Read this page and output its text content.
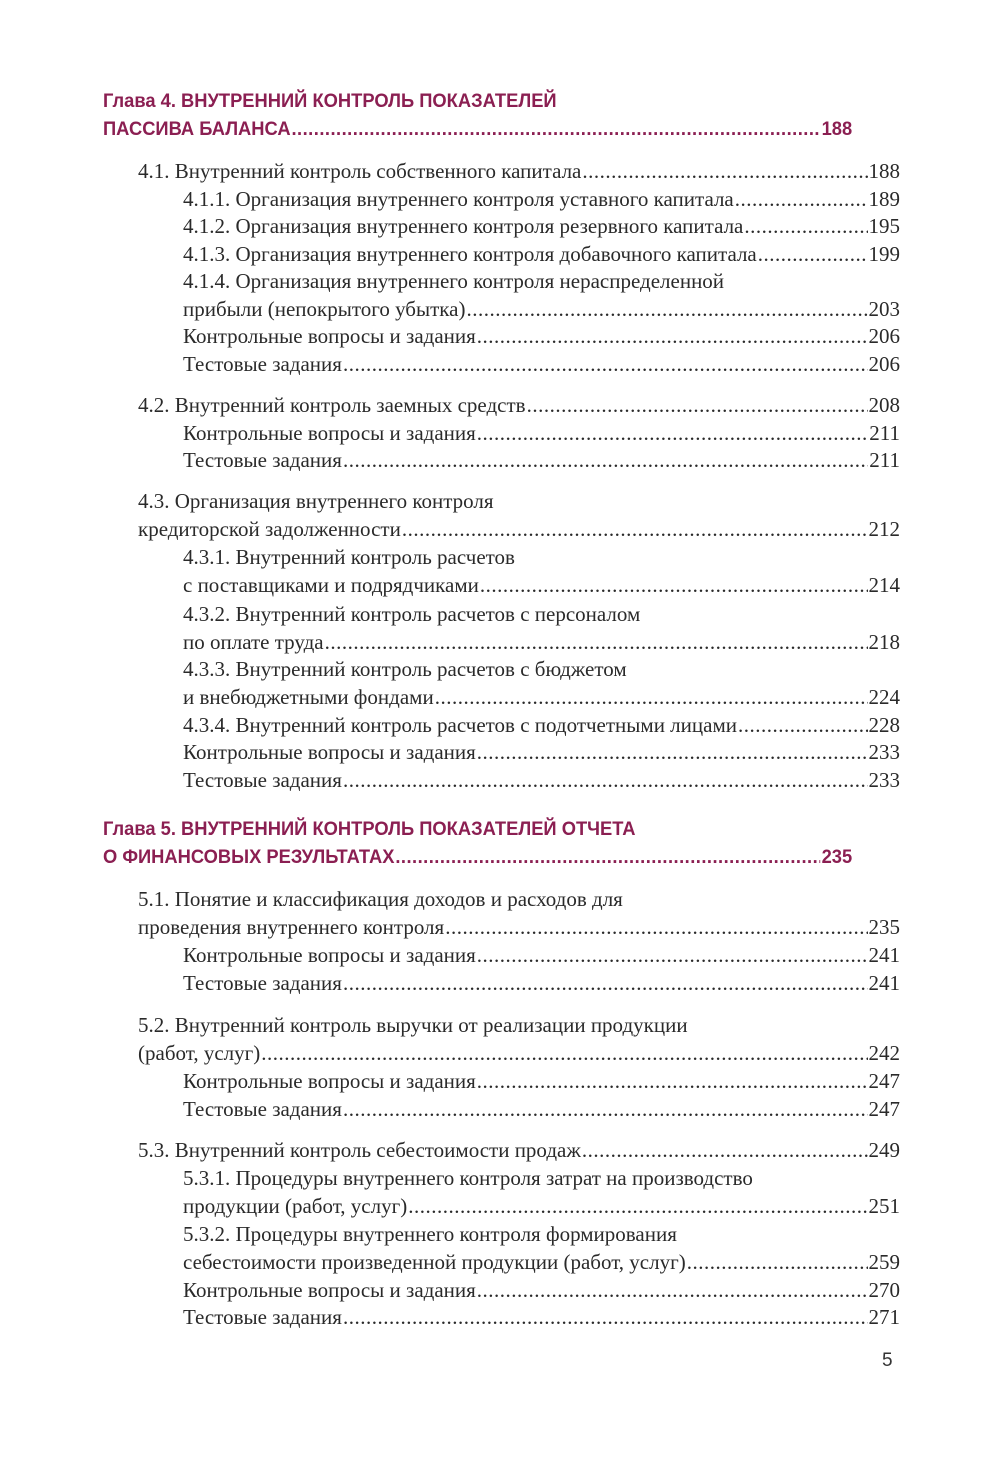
Глава 4. ВНУТРЕННИЙ КОНТРОЛЬ ПОКАЗАТЕЛЕЙ
ПАССИВА БАЛАНСА .....	188
4.1. Внутренний контроль собственного капитала .....	188
4.1.1. Организация внутреннего контроля уставного капитала .....	189
4.1.2. Организация внутреннего контроля резервного капитала .....	195
4.1.3. Организация внутреннего контроля добавочного капитала .....	199
4.1.4. Организация внутреннего контроля нераспределенной
прибыли (непокрытого убытка) .....	203
Контрольные вопросы и задания .....	206
Тестовые задания .....	206
4.2. Внутренний контроль заемных средств .....	208
Контрольные вопросы и задания .....	211
Тестовые задания .....	211
4.3. Организация внутреннего контроля
кредиторской задолженности .....	212
4.3.1. Внутренний контроль расчетов
с поставщиками и подрядчиками .....	214
4.3.2. Внутренний контроль расчетов с персоналом
по оплате труда .....	218
4.3.3. Внутренний контроль расчетов с бюджетом
и внебюджетными фондами .....	224
4.3.4. Внутренний контроль расчетов с подотчетными лицами .....	228
Контрольные вопросы и задания .....	233
Тестовые задания .....	233
Глава 5. ВНУТРЕННИЙ КОНТРОЛЬ ПОКАЗАТЕЛЕЙ ОТЧЕТА
О ФИНАНСОВЫХ РЕЗУЛЬТАТАХ .....	235
5.1. Понятие и классификация доходов и расходов для
проведения внутреннего контроля .....	235
Контрольные вопросы и задания .....	241
Тестовые задания .....	241
5.2. Внутренний контроль выручки от реализации продукции
(работ, услуг) .....	242
Контрольные вопросы и задания .....	247
Тестовые задания .....	247
5.3. Внутренний контроль себестоимости продаж .....	249
5.3.1. Процедуры внутреннего контроля затрат на производство
продукции (работ, услуг) .....	251
5.3.2. Процедуры внутреннего контроля формирования
себестоимости произведенной продукции (работ, услуг) .....	259
Контрольные вопросы и задания .....	270
Тестовые задания .....	271
5
